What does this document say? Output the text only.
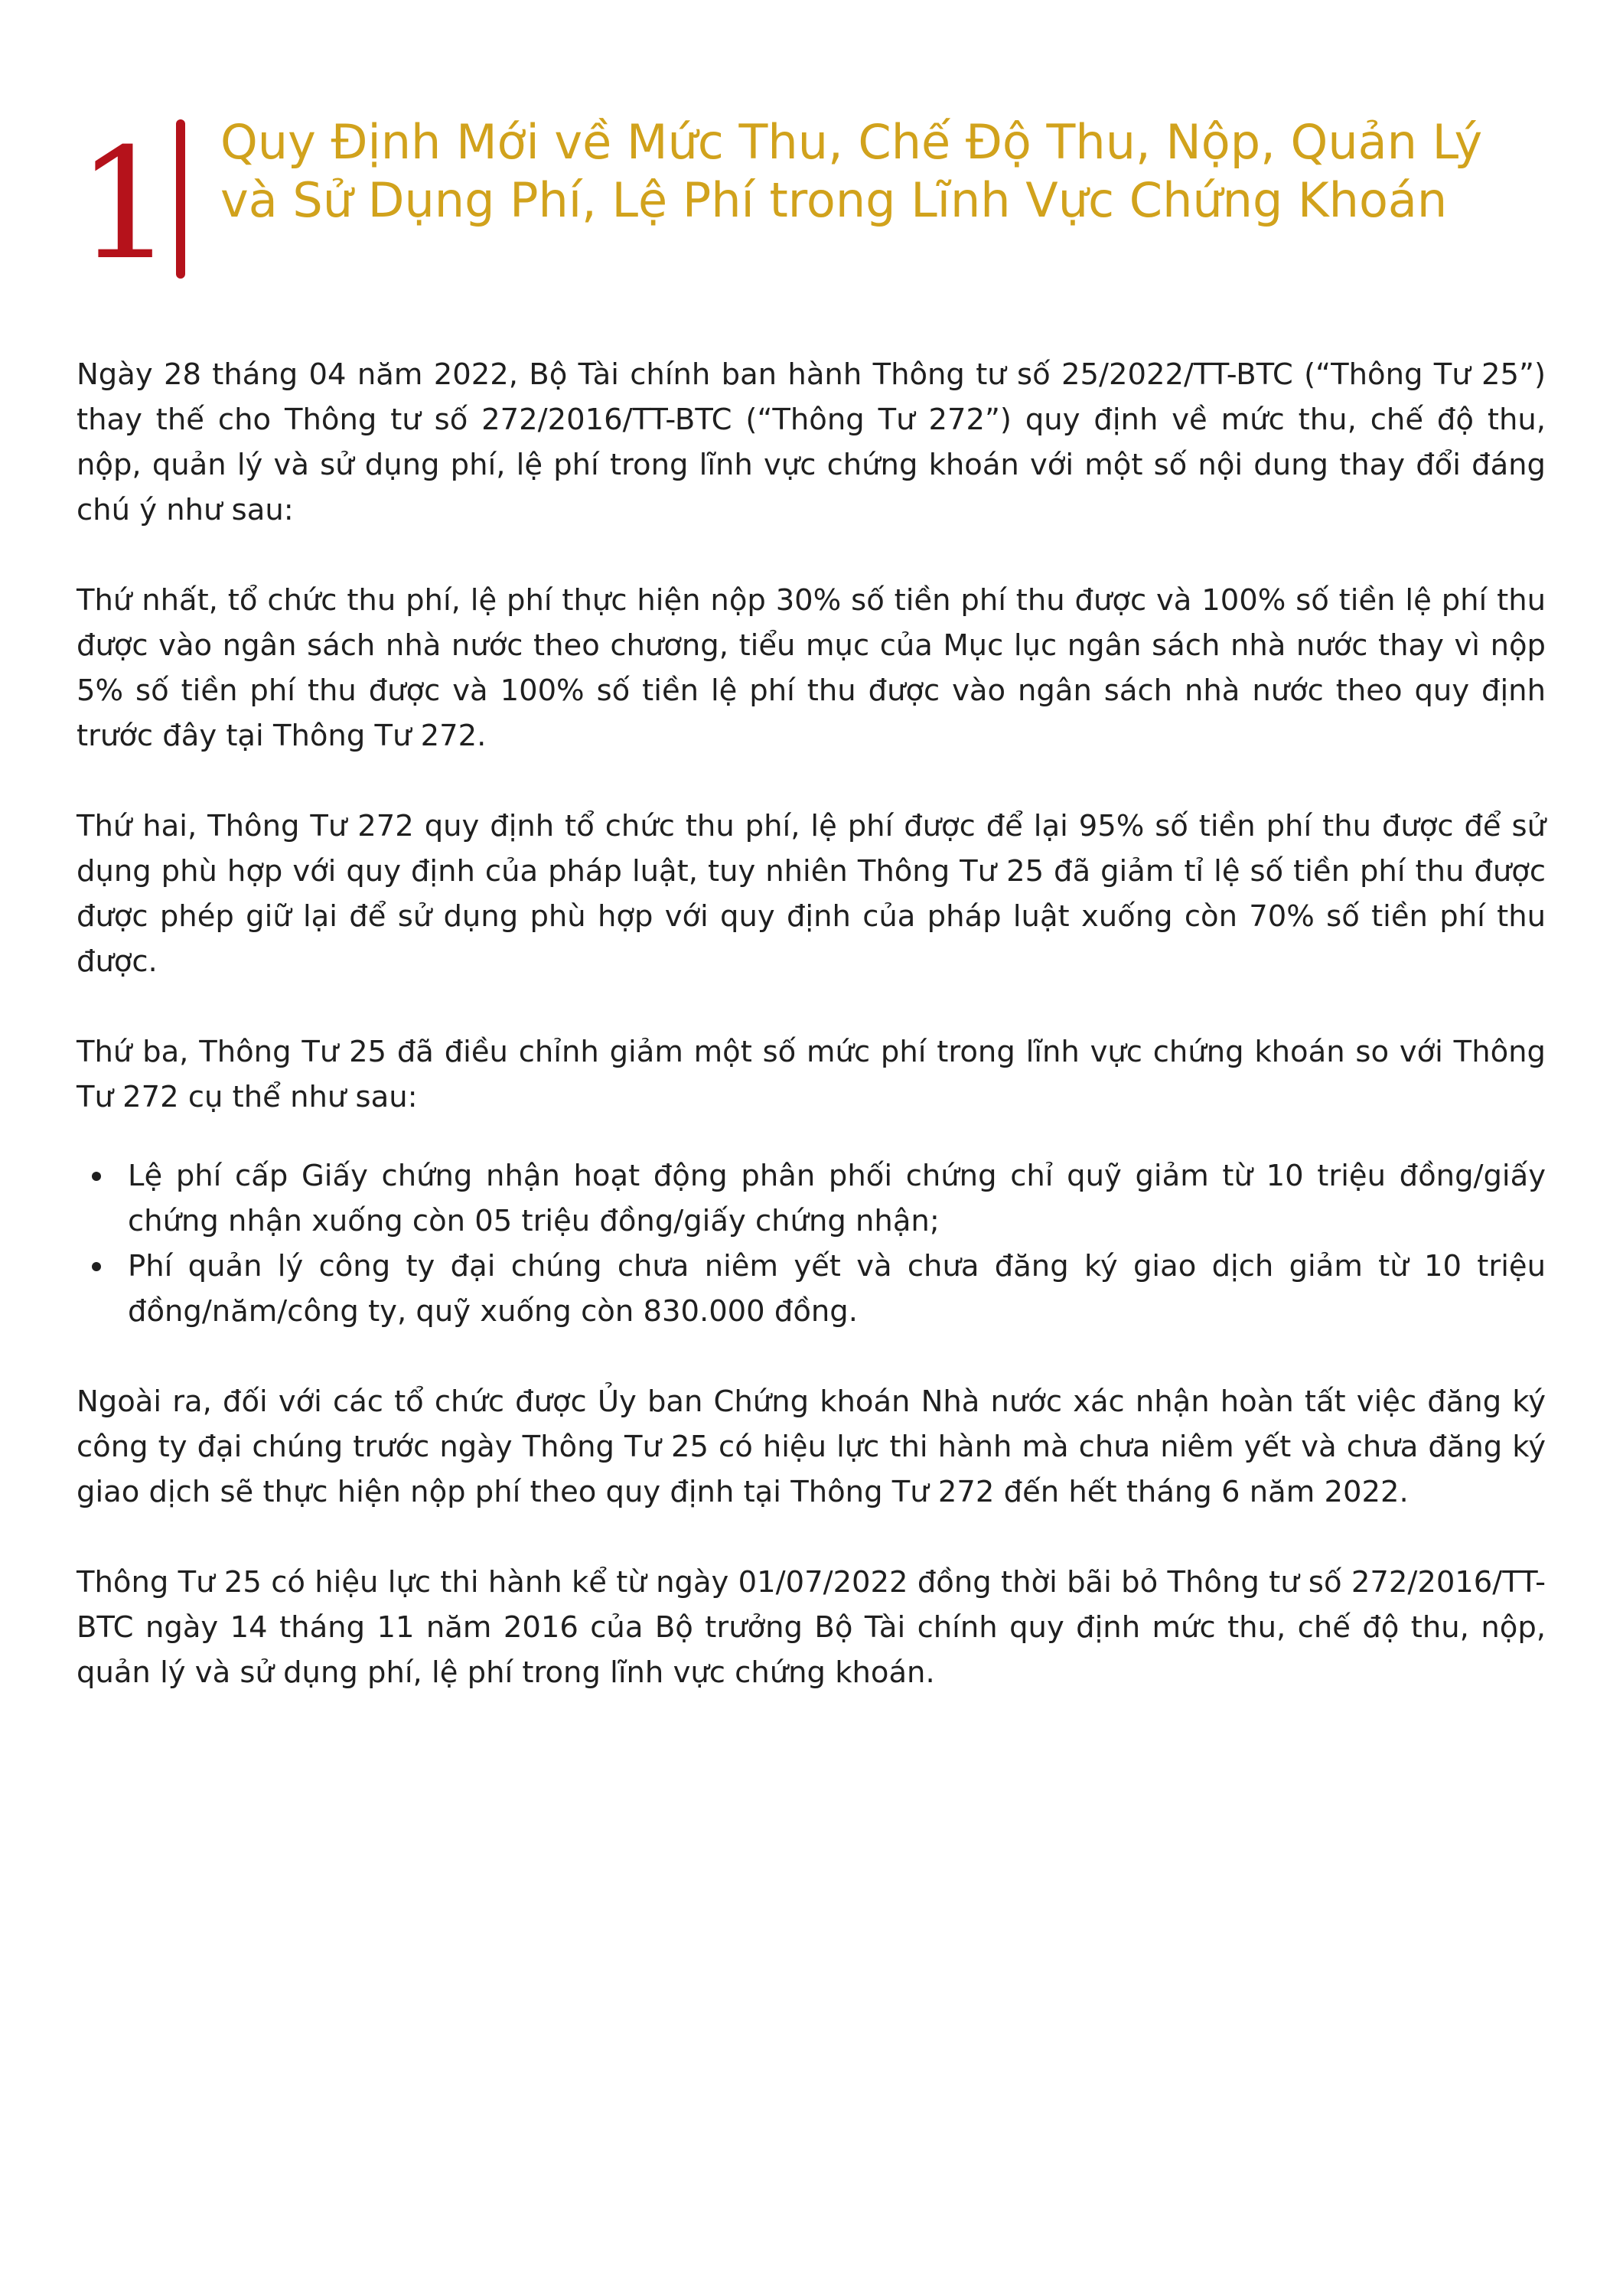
1 Quy Định Mới về Mức Thu, Chế Độ Thu, Nộp, Quản Lý và Sử Dụng Phí, Lệ Phí trong Lĩnh Vực Chứng Khoán

Ngày 28 tháng 04 năm 2022, Bộ Tài chính ban hành Thông tư số 25/2022/TT-BTC (“Thông Tư 25”) thay thế cho Thông tư số 272/2016/TT-BTC (“Thông Tư 272”) quy định về mức thu, chế độ thu, nộp, quản lý và sử dụng phí, lệ phí trong lĩnh vực chứng khoán với một số nội dung thay đổi đáng chú ý như sau:

Thứ nhất, tổ chức thu phí, lệ phí thực hiện nộp 30% số tiền phí thu được và 100% số tiền lệ phí thu được vào ngân sách nhà nước theo chương, tiểu mục của Mục lục ngân sách nhà nước thay vì nộp 5% số tiền phí thu được và 100% số tiền lệ phí thu được vào ngân sách nhà nước theo quy định trước đây tại Thông Tư 272.

Thứ hai, Thông Tư 272 quy định tổ chức thu phí, lệ phí được để lại 95% số tiền phí thu được để sử dụng phù hợp với quy định của pháp luật, tuy nhiên Thông Tư 25 đã giảm tỉ lệ số tiền phí thu được được phép giữ lại để sử dụng phù hợp với quy định của pháp luật xuống còn 70% số tiền phí thu được.

Thứ ba, Thông Tư 25 đã điều chỉnh giảm một số mức phí trong lĩnh vực chứng khoán so với Thông Tư 272 cụ thể như sau:

Lệ phí cấp Giấy chứng nhận hoạt động phân phối chứng chỉ quỹ giảm từ 10 triệu đồng/giấy chứng nhận xuống còn 05 triệu đồng/giấy chứng nhận;
Phí quản lý công ty đại chúng chưa niêm yết và chưa đăng ký giao dịch giảm từ 10 triệu đồng/năm/công ty, quỹ xuống còn 830.000 đồng.

Ngoài ra, đối với các tổ chức được Ủy ban Chứng khoán Nhà nước xác nhận hoàn tất việc đăng ký công ty đại chúng trước ngày Thông Tư 25 có hiệu lực thi hành mà chưa niêm yết và chưa đăng ký giao dịch sẽ thực hiện nộp phí theo quy định tại Thông Tư 272 đến hết tháng 6 năm 2022.

Thông Tư 25 có hiệu lực thi hành kể từ ngày 01/07/2022 đồng thời bãi bỏ Thông tư số 272/2016/TT-BTC ngày 14 tháng 11 năm 2016 của Bộ trưởng Bộ Tài chính quy định mức thu, chế độ thu, nộp, quản lý và sử dụng phí, lệ phí trong lĩnh vực chứng khoán.
